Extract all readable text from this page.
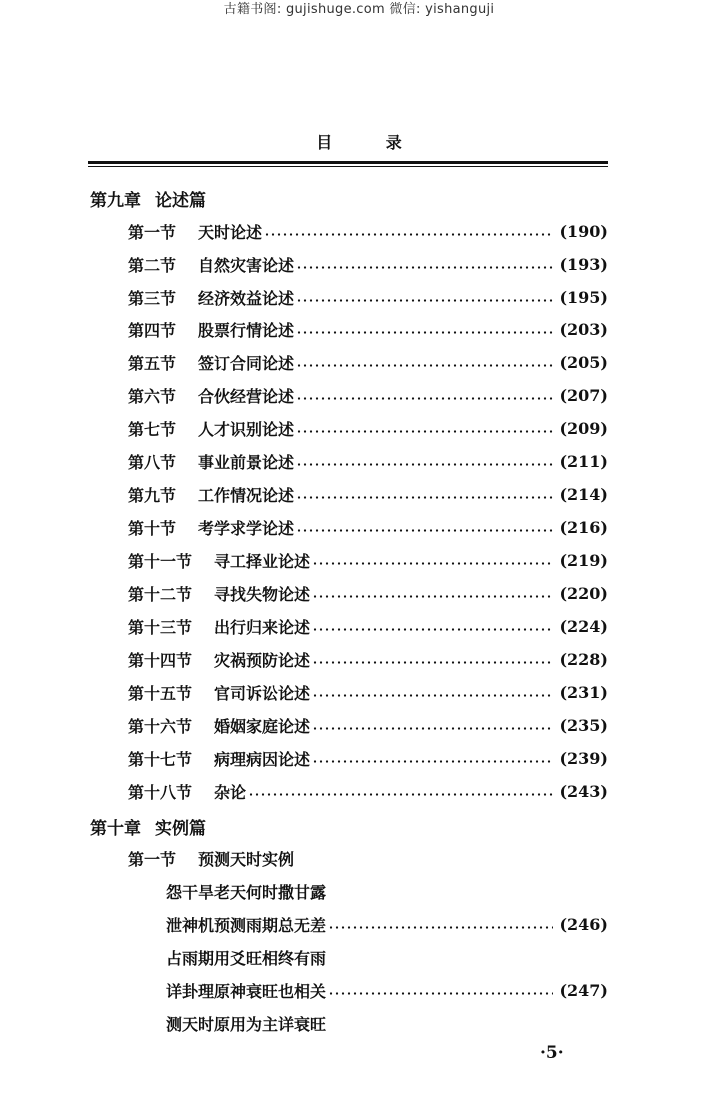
古籍书阁: gujishuge.com 微信: yishanguji
目 录
第九章 论述篇
第一节 天时论述	(190)
第二节 自然灾害论述	(193)
第三节 经济效益论述	(195)
第四节 股票行情论述	(203)
第五节 签订合同论述	(205)
第六节 合伙经营论述	(207)
第七节 人才识别论述	(209)
第八节 事业前景论述	(211)
第九节 工作情况论述	(214)
第十节 考学求学论述	(216)
第十一节 寻工择业论述	(219)
第十二节 寻找失物论述	(220)
第十三节 出行归来论述	(224)
第十四节 灾祸预防论述	(228)
第十五节 官司诉讼论述	(231)
第十六节 婚姻家庭论述	(235)
第十七节 病理病因论述	(239)
第十八节 杂论	(243)
第十章 实例篇
第一节 预测天时实例
怨干旱老天何时撒甘露
泄神机预测雨期总无差	(246)
占雨期用爻旺相终有雨
详卦理原神衰旺也相关	(247)
测天时原用为主详衰旺
·5·
